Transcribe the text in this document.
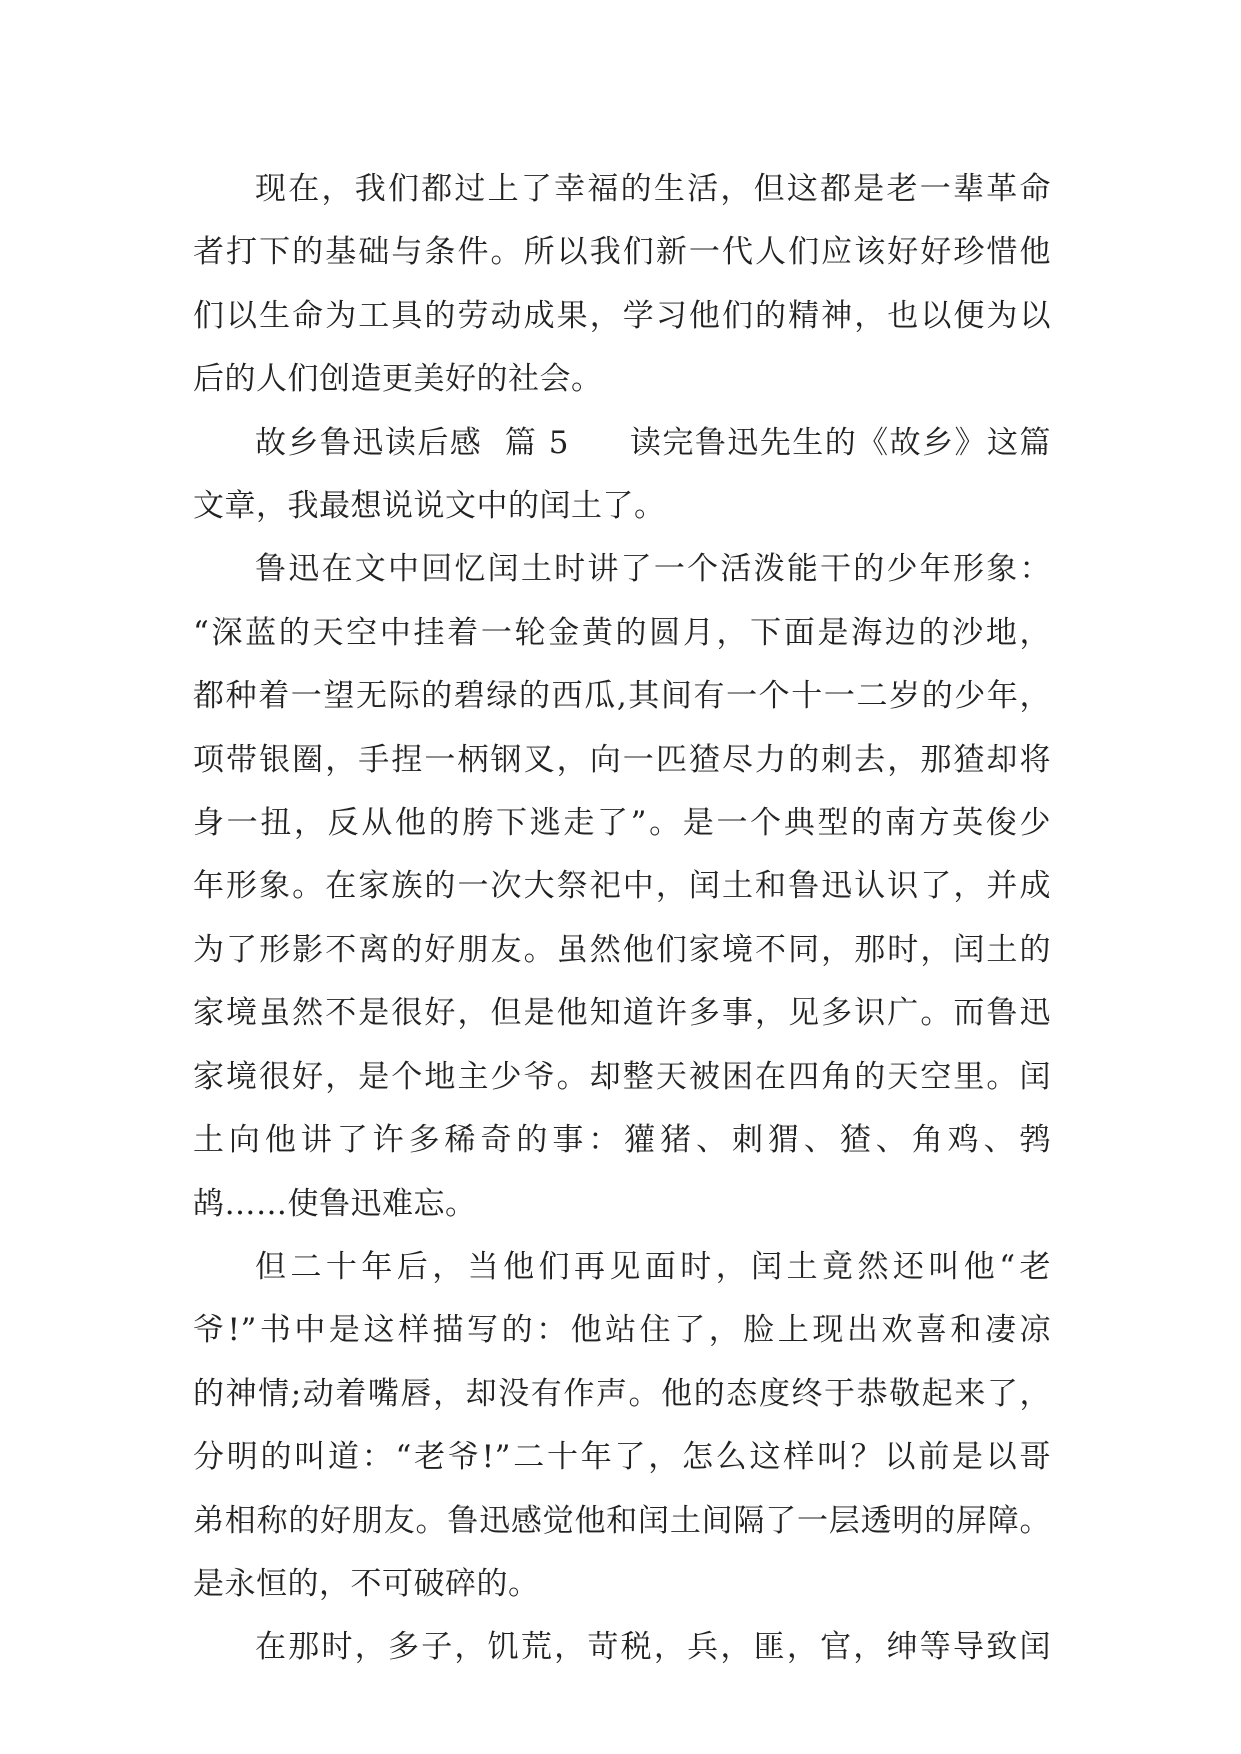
现在，我们都过上了幸福的生活，但这都是老一辈革命
者打下的基础与条件。所以我们新一代人们应该好好珍惜他
们以生命为工具的劳动成果，学习他们的精神，也以便为以
后的人们创造更美好的社会。

故乡鲁迅读后感  篇 5 读完鲁迅先生的《故乡》这篇
文章，我最想说说文中的闰土了。

鲁迅在文中回忆闰土时讲了一个活泼能干的少年形象：
“深蓝的天空中挂着一轮金黄的圆月，下面是海边的沙地，
都种着一望无际的碧绿的西瓜,其间有一个十一二岁的少年，
项带银圈，手捏一柄钢叉，向一匹猹尽力的刺去，那猹却将
身一扭，反从他的胯下逃走了”。是一个典型的南方英俊少
年形象。在家族的一次大祭祀中，闰土和鲁迅认识了，并成
为了形影不离的好朋友。虽然他们家境不同，那时，闰土的
家境虽然不是很好，但是他知道许多事，见多识广。而鲁迅
家境很好，是个地主少爷。却整天被困在四角的天空里。闰
土向他讲了许多稀奇的事：獾猪、刺猬、猹、角鸡、鹁
鸪……使鲁迅难忘。

但二十年后，当他们再见面时，闰土竟然还叫他“老
爷!”书中是这样描写的：他站住了，脸上现出欢喜和凄凉
的神情;动着嘴唇，却没有作声。他的态度终于恭敬起来了，
分明的叫道：“老爷!”二十年了，怎么这样叫？以前是以哥
弟相称的好朋友。鲁迅感觉他和闰土间隔了一层透明的屏障。
是永恒的，不可破碎的。

在那时，多子，饥荒，苛税，兵，匪，官，绅等导致闰
